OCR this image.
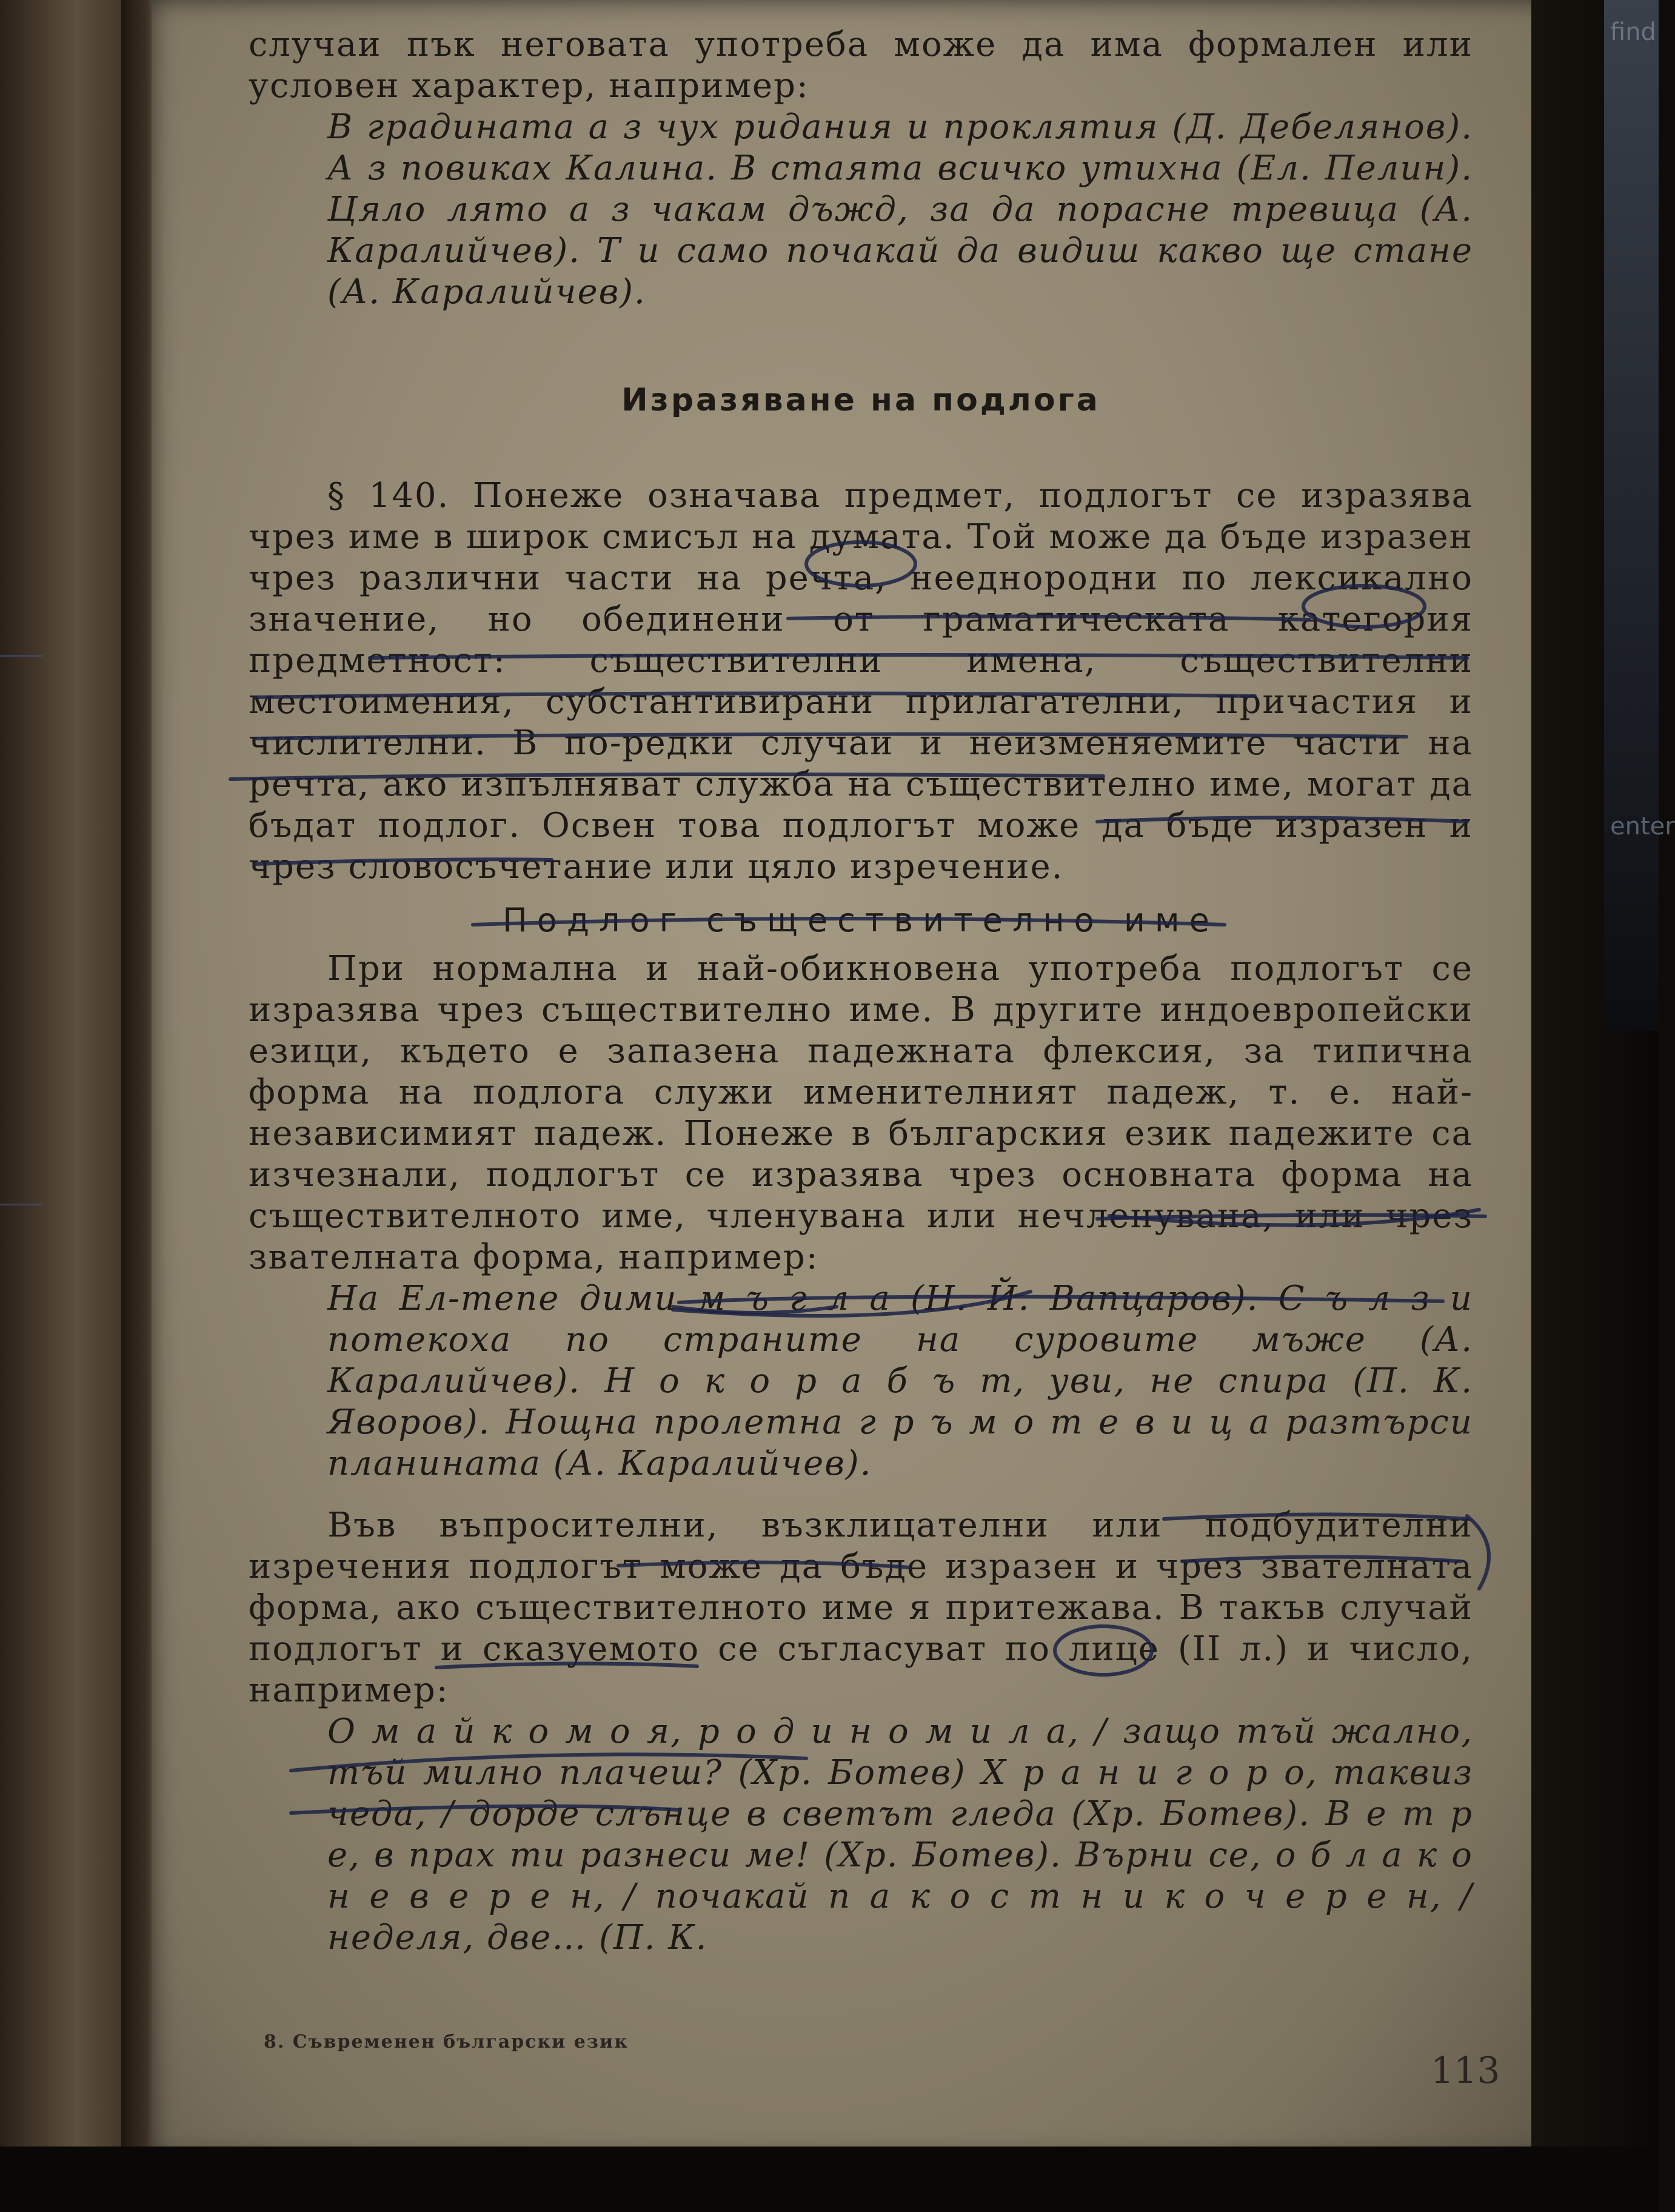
find
enter

случаи пък неговата употреба може да има формален или условен характер, например:

В градината а з чух ридания и проклятия (Д. Дебелянов). А з повиках Калина. В стаята всичко утихна (Ел. Пелин). Цяло лято а з чакам дъжд, за да порасне тревица (А. Каралийчев). Т и само почакай да видиш какво ще стане (А. Каралийчев).

Изразяване на подлога

§ 140. Понеже означава предмет, подлогът се изразява чрез име в широк смисъл на думата. Той може да бъде изразен чрез различни части на речта, нееднородни по лексикално значение, но обединени от граматическата категория предметност: съществителни имена, съществителни местоимения, субстантивирани прилагателни, причастия и числителни. В по-редки случаи и неизменяемите части на речта, ако изпълняват служба на съществително име, могат да бъдат подлог. Освен това подлогът може да бъде изразен и чрез словосъчетание или цяло изречение.

Подлог съществително име

При нормална и най-обикновена употреба подлогът се изразява чрез съществително име. В другите индоевропейски езици, където е запазена падежната флексия, за типична форма на подлога служи именителният падеж, т. е. най-независимият падеж. Понеже в българския език падежите са изчезнали, подлогът се изразява чрез основната форма на съществителното име, членувана или нечленувана, или чрез звателната форма, например:

На Ел-тепе дими м ъ г л а (Н. Й. Вапцаров). С ъ л з и потекоха по страните на суровите мъже (А. Каралийчев). Н о к о р а б ъ т, уви, не спира (П. К. Яворов). Нощна пролетна г р ъ м о т е в и ц а разтърси планината (А. Каралийчев).

Във въпросителни, възклицателни или подбудителни изречения подлогът може да бъде изразен и чрез звателната форма, ако съществителното име я притежава. В такъв случай подлогът и сказуемото се съгласуват по лице (II л.) и число, например:

О м а й к о м о я, р о д и н о м и л а, / защо тъй жално, тъй милно плачеш? (Хр. Ботев) Х р а н и г о р о, таквиз чеда, / дорде слънце в светът гледа (Хр. Ботев). В е т р е, в прах ти разнеси ме! (Хр. Ботев). Върни се, о б л а к о н е в е р е н, / почакай п а к о с т н и к о ч е р е н, / неделя, две… (П. К.

8. Съвременен български език
113
